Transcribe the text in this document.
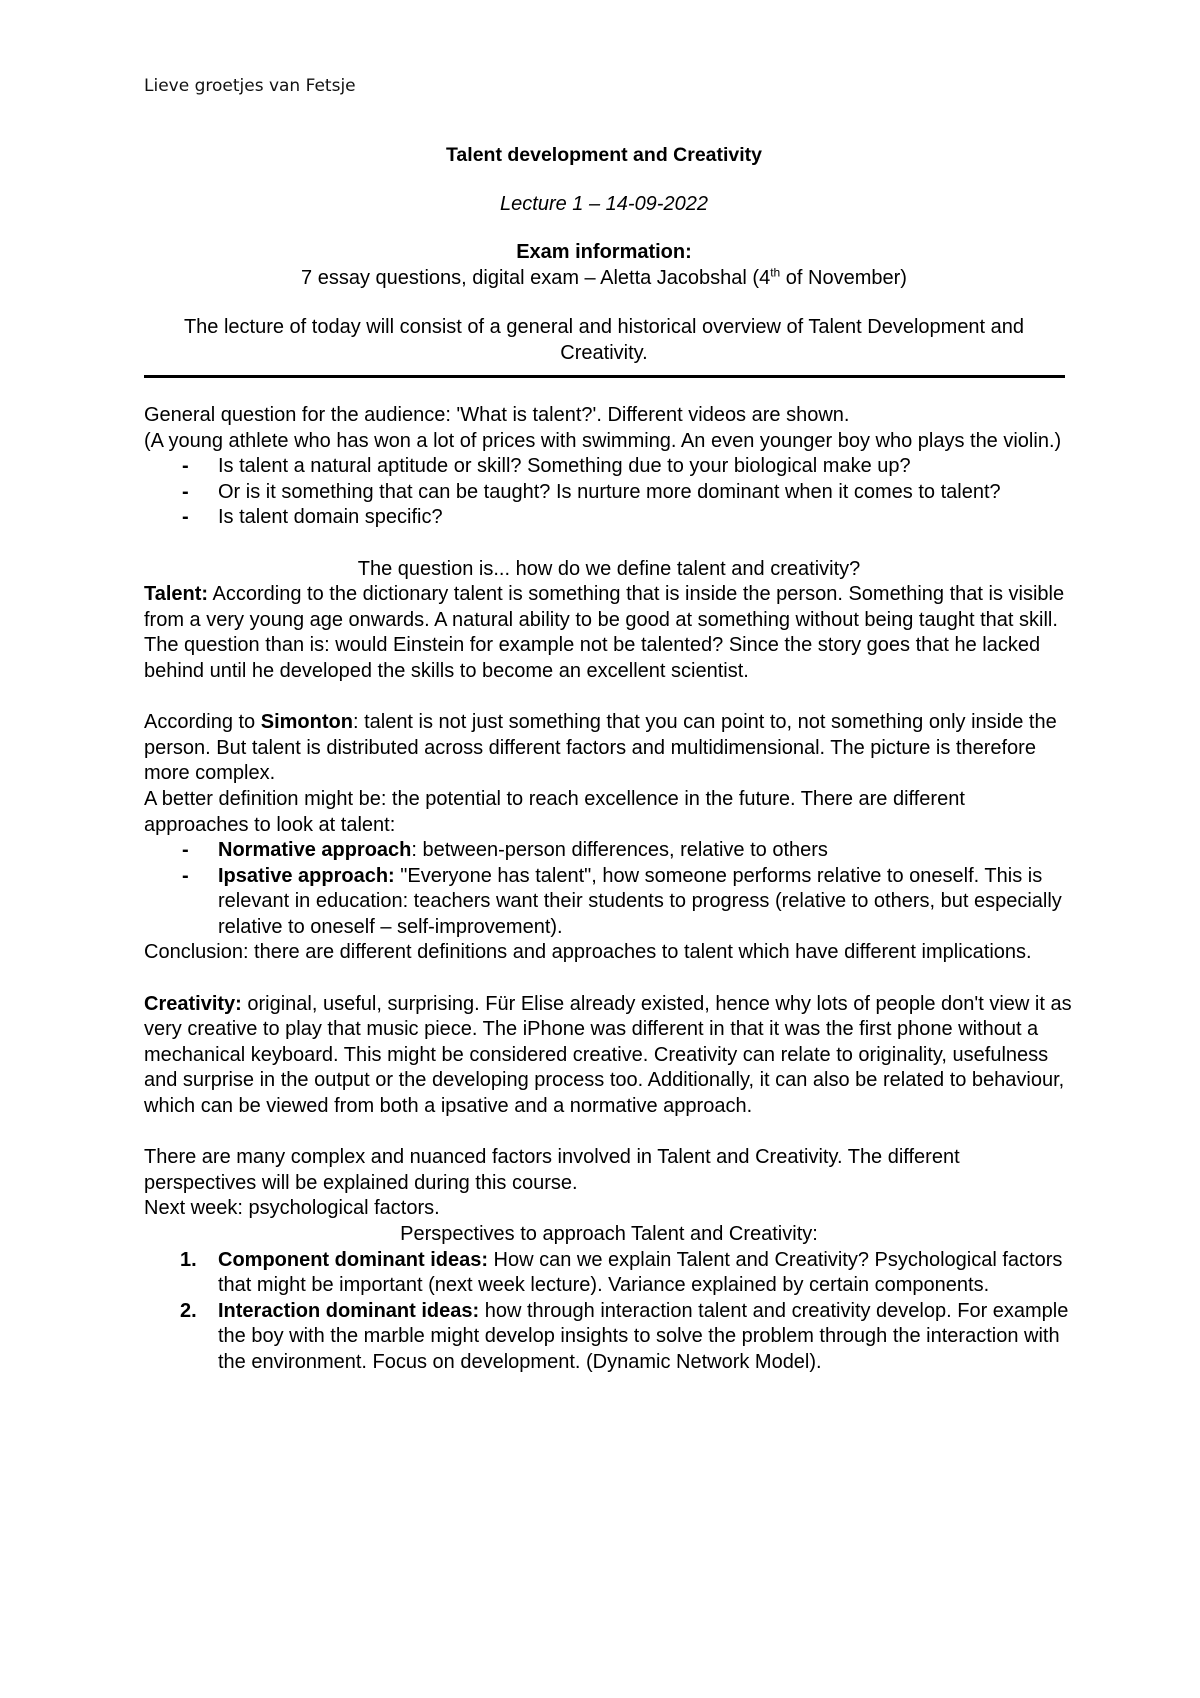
Lieve groetjes van Fetsje
Talent development and Creativity
Lecture 1 – 14-09-2022
Exam information:
7 essay questions, digital exam – Aletta Jacobshal (4th of November)
The lecture of today will consist of a general and historical overview of Talent Development and Creativity.

General question for the audience: 'What is talent?'. Different videos are shown.

(A young athlete who has won a lot of prices with swimming. An even younger boy who plays the violin.)

- Is talent a natural aptitude or skill? Something due to your biological make up?
- Or is it something that can be taught? Is nurture more dominant when it comes to talent?
- Is talent domain specific?

The question is... how do we define talent and creativity?

Talent: According to the dictionary talent is something that is inside the person. Something that is visible from a very young age onwards. A natural ability to be good at something without being taught that skill.

The question than is: would Einstein for example not be talented? Since the story goes that he lacked behind until he developed the skills to become an excellent scientist.

According to Simonton: talent is not just something that you can point to, not something only inside the person. But talent is distributed across different factors and multidimensional. The picture is therefore more complex.

A better definition might be: the potential to reach excellence in the future. There are different approaches to look at talent:

- Normative approach: between-person differences, relative to others
- Ipsative approach: "Everyone has talent", how someone performs relative to oneself. This is relevant in education: teachers want their students to progress (relative to others, but especially relative to oneself – self-improvement).

Conclusion: there are different definitions and approaches to talent which have different implications.

Creativity: original, useful, surprising. Für Elise already existed, hence why lots of people don't view it as very creative to play that music piece. The iPhone was different in that it was the first phone without a mechanical keyboard. This might be considered creative. Creativity can relate to originality, usefulness and surprise in the output or the developing process too. Additionally, it can also be related to behaviour, which can be viewed from both a ipsative and a normative approach.

There are many complex and nuanced factors involved in Talent and Creativity. The different perspectives will be explained during this course.

Next week: psychological factors.

Perspectives to approach Talent and Creativity:

1. Component dominant ideas: How can we explain Talent and Creativity? Psychological factors that might be important (next week lecture). Variance explained by certain components.
2. Interaction dominant ideas: how through interaction talent and creativity develop. For example the boy with the marble might develop insights to solve the problem through the interaction with the environment. Focus on development. (Dynamic Network Model).
